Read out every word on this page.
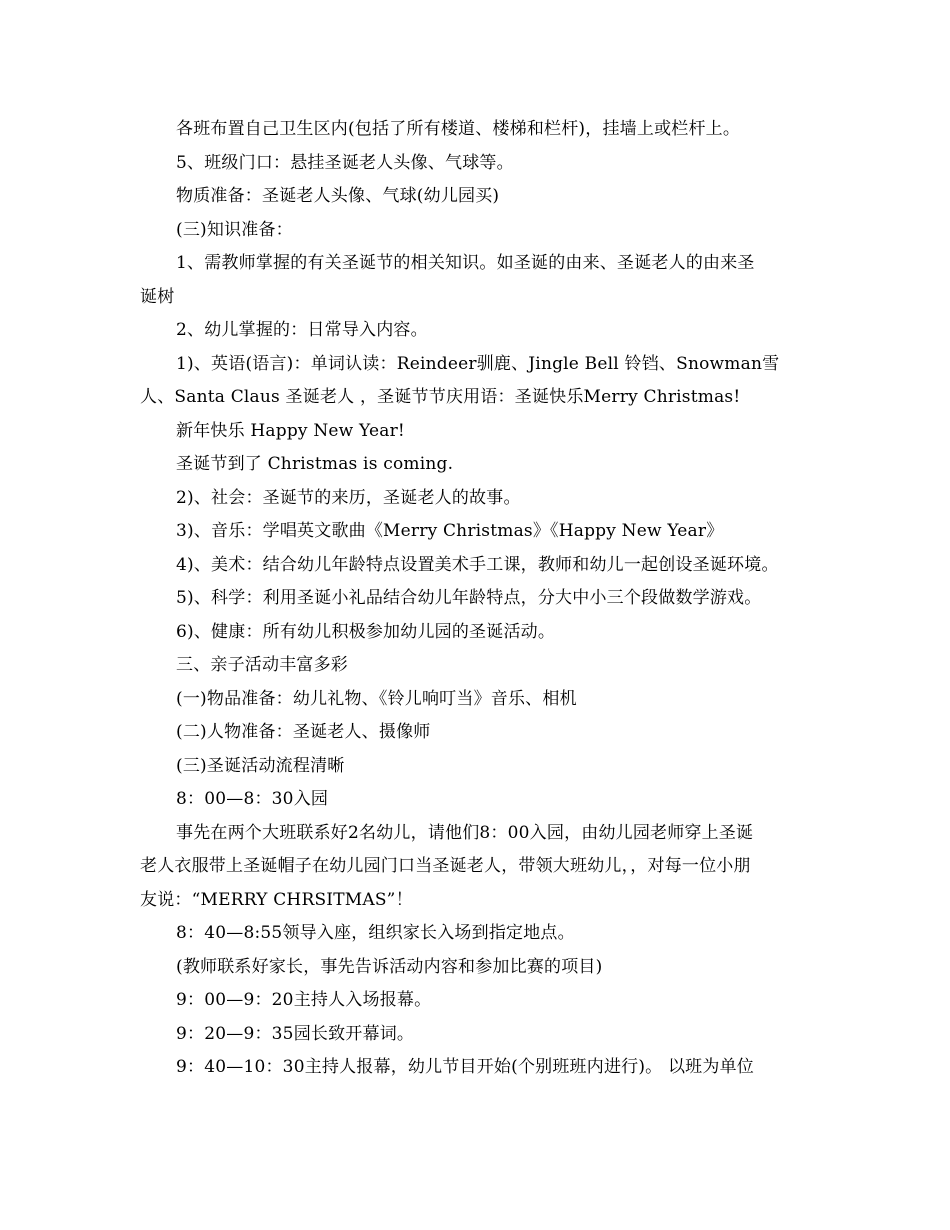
各班布置自己卫生区内(包括了所有楼道、楼梯和栏杆)，挂墙上或栏杆上。
5、班级门口：悬挂圣诞老人头像、气球等。
物质准备：圣诞老人头像、气球(幼儿园买)
(三)知识准备：
1、需教师掌握的有关圣诞节的相关知识。如圣诞的由来、圣诞老人的由来圣
诞树
2、幼儿掌握的：日常导入内容。
1)、英语(语言)：单词认读：Reindeer驯鹿、Jingle Bell 铃铛、Snowman雪
人、Santa Claus 圣诞老人 ，圣诞节节庆用语：圣诞快乐Merry Christmas!
新年快乐 Happy New Year!
圣诞节到了 Christmas is coming.
2)、社会：圣诞节的来历，圣诞老人的故事。
3)、音乐：学唱英文歌曲《Merry Christmas》《Happy New Year》
4)、美术：结合幼儿年龄特点设置美术手工课，教师和幼儿一起创设圣诞环境。
5)、科学：利用圣诞小礼品结合幼儿年龄特点，分大中小三个段做数学游戏。
6)、健康：所有幼儿积极参加幼儿园的圣诞活动。
三、亲子活动丰富多彩
(一)物品准备：幼儿礼物、《铃儿响叮当》音乐、相机
(二)人物准备：圣诞老人、摄像师
(三)圣诞活动流程清晰
8：00—8：30入园
事先在两个大班联系好2名幼儿，请他们8：00入园，由幼儿园老师穿上圣诞
老人衣服带上圣诞帽子在幼儿园门口当圣诞老人，带领大班幼儿，，对每一位小朋
友说：“MERRY CHRSITMAS”！
8：40—8:55领导入座，组织家长入场到指定地点。
(教师联系好家长，事先告诉活动内容和参加比赛的项目)
9：00—9：20主持人入场报幕。
9：20—9：35园长致开幕词。
9：40—10：30主持人报幕，幼儿节目开始(个别班班内进行)。 以班为单位
